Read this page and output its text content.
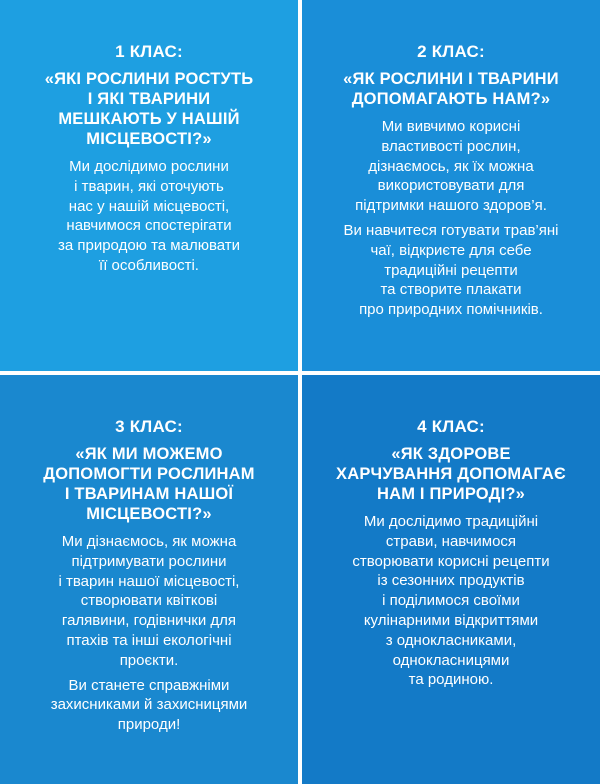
1 КЛАС:
«ЯКІ РОСЛИНИ РОСТУТЬ
І ЯКІ ТВАРИНИ
МЕШКАЮТЬ У НАШІЙ
МІСЦЕВОСТІ?»

Ми дослідимо рослини
і тварин, які оточують
нас у нашій місцевості,
навчимося спостерігати
за природою та малювати
її особливості.

2 КЛАС:
«ЯК РОСЛИНИ І ТВАРИНИ
ДОПОМАГАЮТЬ НАМ?»

Ми вивчимо корисні
властивості рослин,
дізнаємось, як їх можна
використовувати для
підтримки нашого здоров’я.

Ви навчитеся готувати трав’яні
чаї, відкриєте для себе
традиційні рецепти
та створите плакати
про природних помічників.

3 КЛАС:
«ЯК МИ МОЖЕМО
ДОПОМОГТИ РОСЛИНАМ
І ТВАРИНАМ НАШОЇ
МІСЦЕВОСТІ?»

Ми дізнаємось, як можна
підтримувати рослини
і тварин нашої місцевості,
створювати квіткові
галявини, годівнички для
птахів та інші екологічні
проєкти.

Ви станете справжніми
захисниками й захисницями
природи!

4 КЛАС:
«ЯК ЗДОРОВЕ
ХАРЧУВАННЯ ДОПОМАГАЄ
НАМ І ПРИРОДІ?»

Ми дослідимо традиційні
страви, навчимося
створювати корисні рецепти
із сезонних продуктів
і поділимося своїми
кулінарними відкриттями
з однокласниками,
однокласницями
та родиною.
